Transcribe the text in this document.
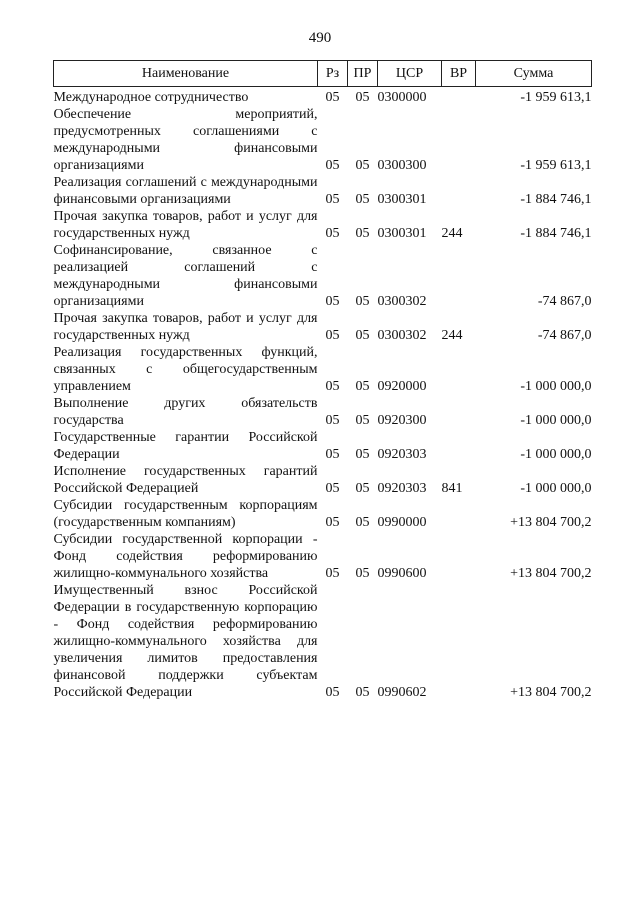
490
Наименование	Рз	ПР	ЦСР	ВР	Сумма
Международное сотрудничество	05	05	0300000		-1 959 613,1
Обеспечение мероприятий, предусмотренных соглашениями с международными финансовыми организациями	05	05	0300300		-1 959 613,1
Реализация соглашений с международными финансовыми организациями	05	05	0300301		-1 884 746,1
Прочая закупка товаров, работ и услуг для государственных нужд	05	05	0300301	244	-1 884 746,1
Софинансирование, связанное с реализацией соглашений с международными финансовыми организациями	05	05	0300302		-74 867,0
Прочая закупка товаров, работ и услуг для государственных нужд	05	05	0300302	244	-74 867,0
Реализация государственных функций, связанных с общегосударственным управлением	05	05	0920000		-1 000 000,0
Выполнение других обязательств государства	05	05	0920300		-1 000 000,0
Государственные гарантии Российской Федерации	05	05	0920303		-1 000 000,0
Исполнение государственных гарантий Российской Федерацией	05	05	0920303	841	-1 000 000,0
Субсидии государственным корпорациям (государственным компаниям)	05	05	0990000		+13 804 700,2
Субсидии государственной корпорации - Фонд содействия реформированию жилищно-коммунального хозяйства	05	05	0990600		+13 804 700,2
Имущественный взнос Российской Федерации в государственную корпорацию - Фонд содействия реформированию жилищно-коммунального хозяйства для увеличения лимитов предоставления финансовой поддержки субъектам Российской Федерации	05	05	0990602		+13 804 700,2
